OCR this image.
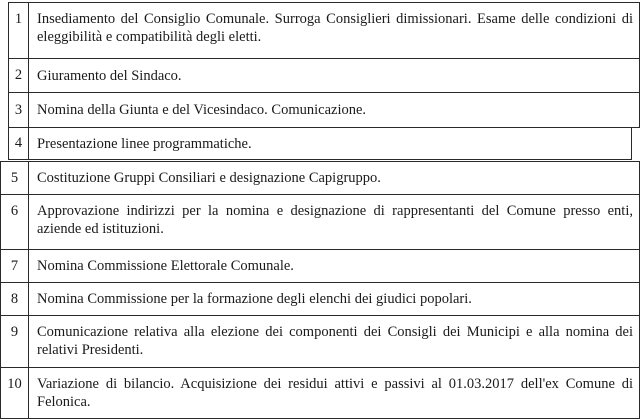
1	Insediamento del Consiglio Comunale. Surroga Consiglieri dimissionari. Esame delle condizioni di eleggibilità e compatibilità degli eletti.
2	Giuramento del Sindaco.
3	Nomina della Giunta e del Vicesindaco. Comunicazione.
4	Presentazione linee programmatiche.
5	Costituzione Gruppi Consiliari e designazione Capigruppo.
6	Approvazione indirizzi per la nomina e designazione di rappresentanti del Comune presso enti, aziende ed istituzioni.
7	Nomina Commissione Elettorale Comunale.
8	Nomina Commissione per la formazione degli elenchi dei giudici popolari.
9	Comunicazione relativa alla elezione dei componenti dei Consigli dei Municipi e alla nomina dei relativi Presidenti.
10	Variazione di bilancio. Acquisizione dei residui attivi e passivi al 01.03.2017 dell'ex Comune di Felonica.
